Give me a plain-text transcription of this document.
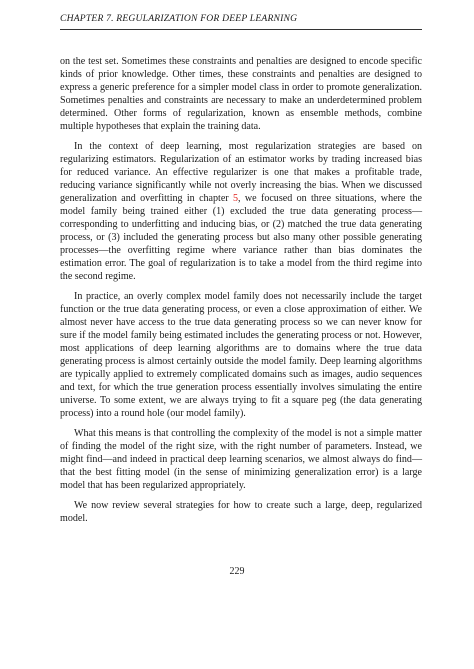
CHAPTER 7. REGULARIZATION FOR DEEP LEARNING

on the test set. Sometimes these constraints and penalties are designed to encode specific kinds of prior knowledge. Other times, these constraints and penalties are designed to express a generic preference for a simpler model class in order to promote generalization. Sometimes penalties and constraints are necessary to make an underdetermined problem determined. Other forms of regularization, known as ensemble methods, combine multiple hypotheses that explain the training data.

In the context of deep learning, most regularization strategies are based on regularizing estimators. Regularization of an estimator works by trading increased bias for reduced variance. An effective regularizer is one that makes a profitable trade, reducing variance significantly while not overly increasing the bias. When we discussed generalization and overfitting in chapter 5, we focused on three situations, where the model family being trained either (1) excluded the true data generating process—corresponding to underfitting and inducing bias, or (2) matched the true data generating process, or (3) included the generating process but also many other possible generating processes—the overfitting regime where variance rather than bias dominates the estimation error. The goal of regularization is to take a model from the third regime into the second regime.

In practice, an overly complex model family does not necessarily include the target function or the true data generating process, or even a close approximation of either. We almost never have access to the true data generating process so we can never know for sure if the model family being estimated includes the generating process or not. However, most applications of deep learning algorithms are to domains where the true data generating process is almost certainly outside the model family. Deep learning algorithms are typically applied to extremely complicated domains such as images, audio sequences and text, for which the true generation process essentially involves simulating the entire universe. To some extent, we are always trying to fit a square peg (the data generating process) into a round hole (our model family).

What this means is that controlling the complexity of the model is not a simple matter of finding the model of the right size, with the right number of parameters. Instead, we might find—and indeed in practical deep learning scenarios, we almost always do find—that the best fitting model (in the sense of minimizing generalization error) is a large model that has been regularized appropriately.

We now review several strategies for how to create such a large, deep, regularized model.

229
